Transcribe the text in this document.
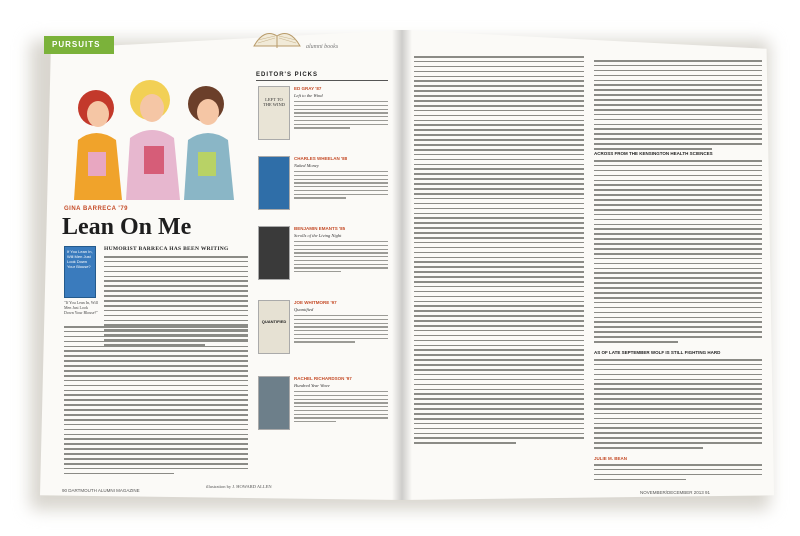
PURSUITS	alumni books
GINA BARRECA '79
Lean On Me
If You Lean In, Will Men Just Look Down Your Blouse?
"If You Lean In, Will Men Just Look Down Your Blouse?"
HUMORIST BARRECA HAS BEEN WRITING
EDITOR'S PICKS
LEFT TO THE WIND
ED GRAY '87
Left to the Wind
CHARLES WHEELAN '88
Naked Money
BENJAMIN EMANTS '85
Scrolls of the Living Night
QUANTIFIED
JOE WHITMORE '97
Quantified
RACHEL RICHARDSON '97
Hundred Year Wave
illustration by J. HOWARD ALLEN
90 DARTMOUTH ALUMNI MAGAZINE
ACROSS FROM THE KENSINGTON HEALTH SCIENCES
AS OF LATE SEPTEMBER WOLF IS STILL FIGHTING HARD
JULIE M. BEAN
NOVEMBER/DECEMBER 2013 91
